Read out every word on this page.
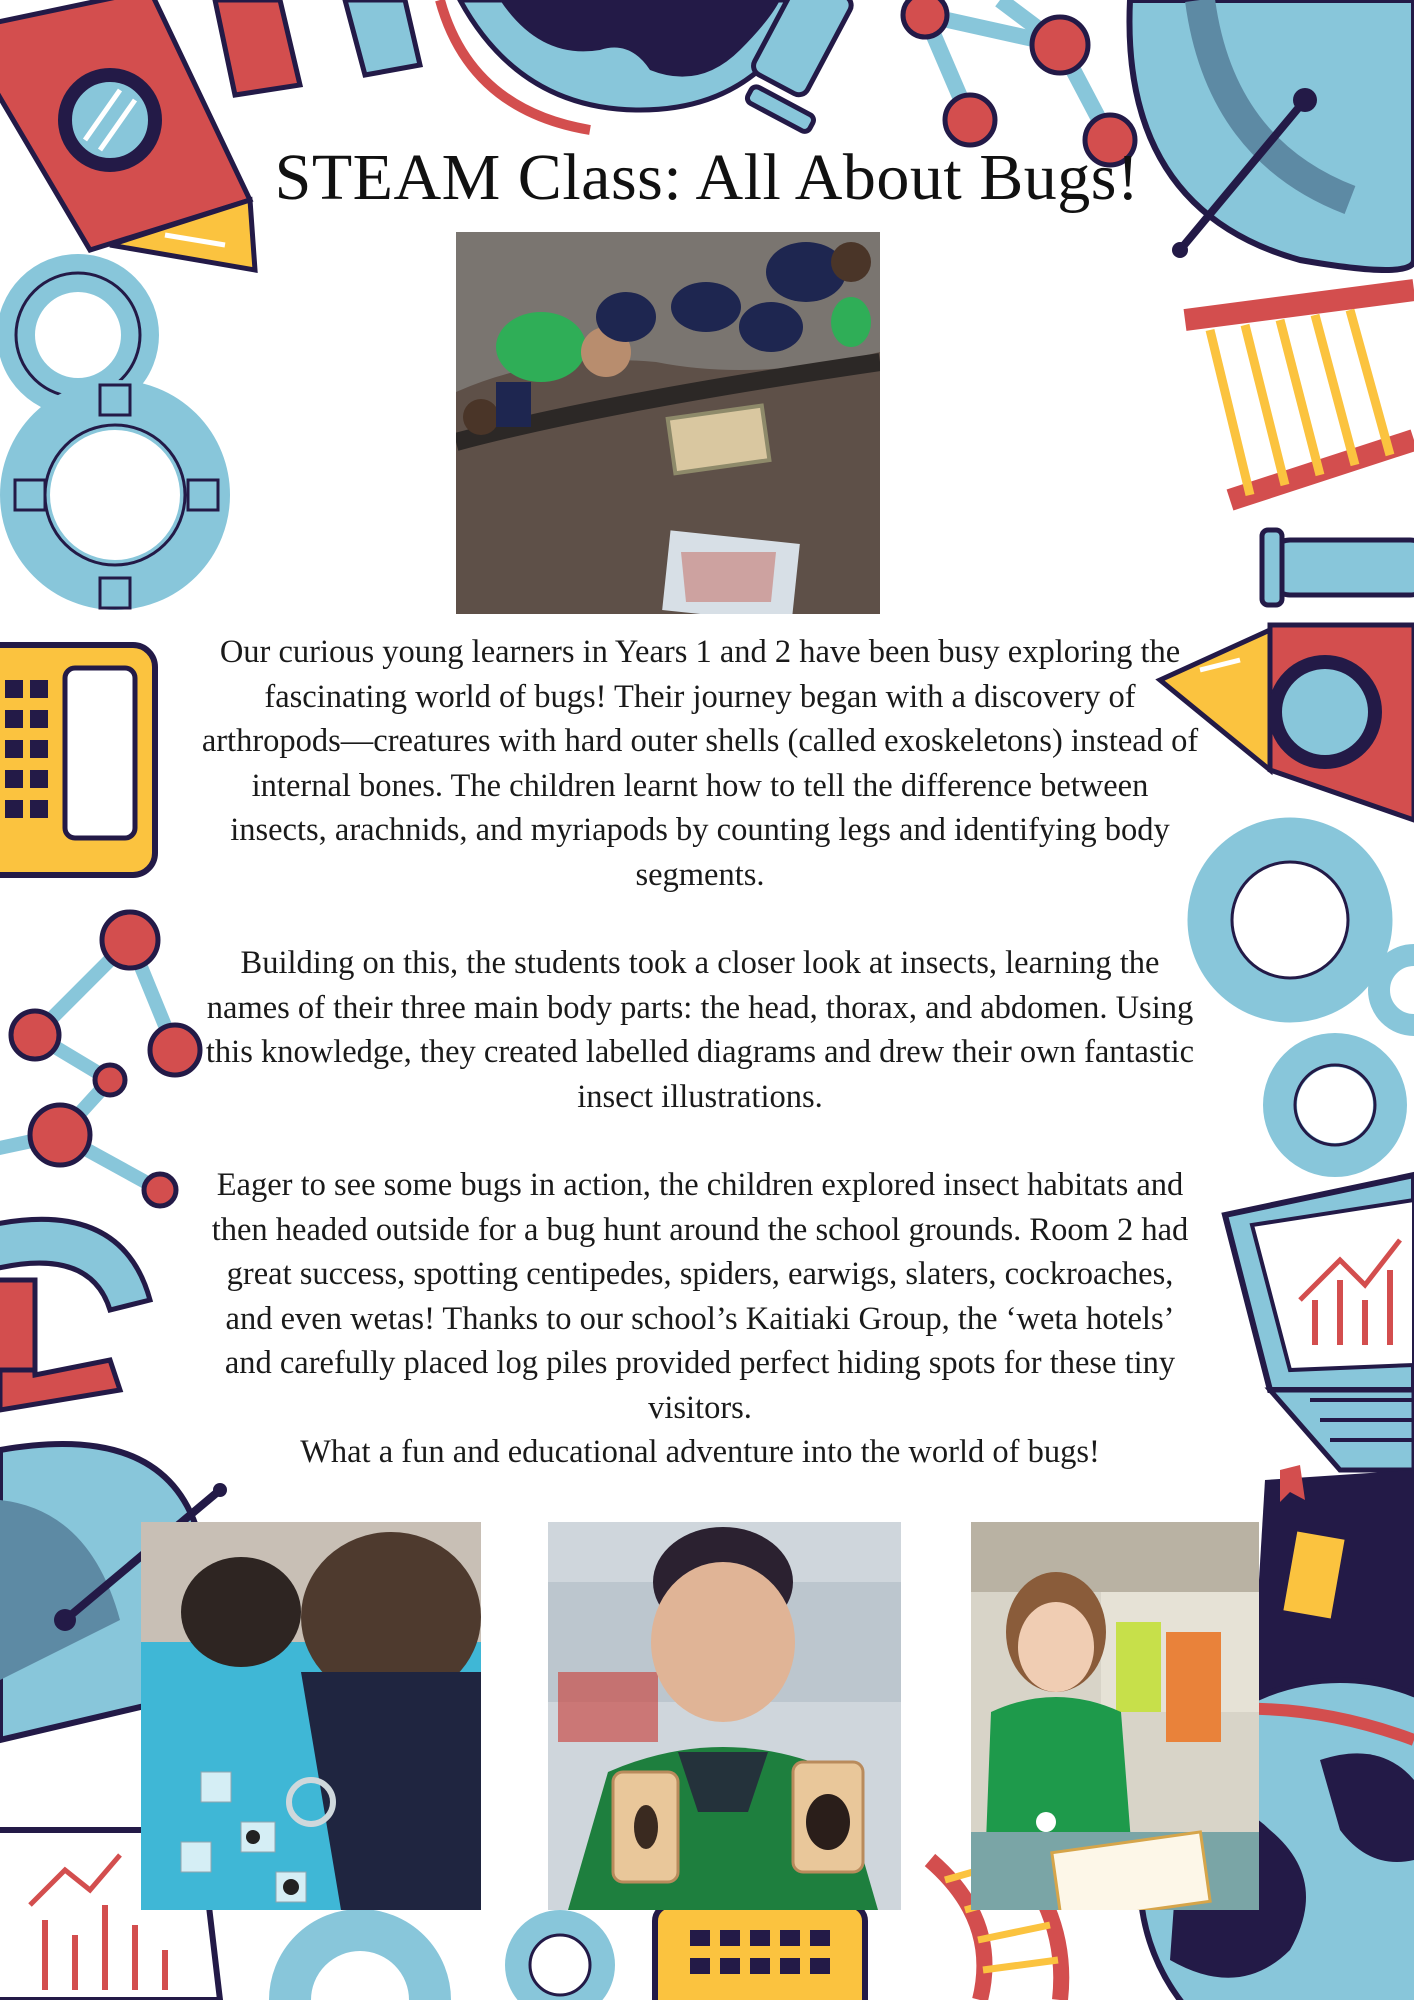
STEAM Class: All About Bugs!

Our curious young learners in Years 1 and 2 have been busy exploring the fascinating world of bugs! Their journey began with a discovery of arthropods—creatures with hard outer shells (called exoskeletons) instead of internal bones. The children learnt how to tell the difference between insects, arachnids, and myriapods by counting legs and identifying body segments.

Building on this, the students took a closer look at insects, learning the names of their three main body parts: the head, thorax, and abdomen. Using this knowledge, they created labelled diagrams and drew their own fantastic insect illustrations.

Eager to see some bugs in action, the children explored insect habitats and then headed outside for a bug hunt around the school grounds. Room 2 had great success, spotting centipedes, spiders, earwigs, slaters, cockroaches, and even wetas! Thanks to our school’s Kaitiaki Group, the ‘weta hotels’ and carefully placed log piles provided perfect hiding spots for these tiny visitors.

What a fun and educational adventure into the world of bugs!
